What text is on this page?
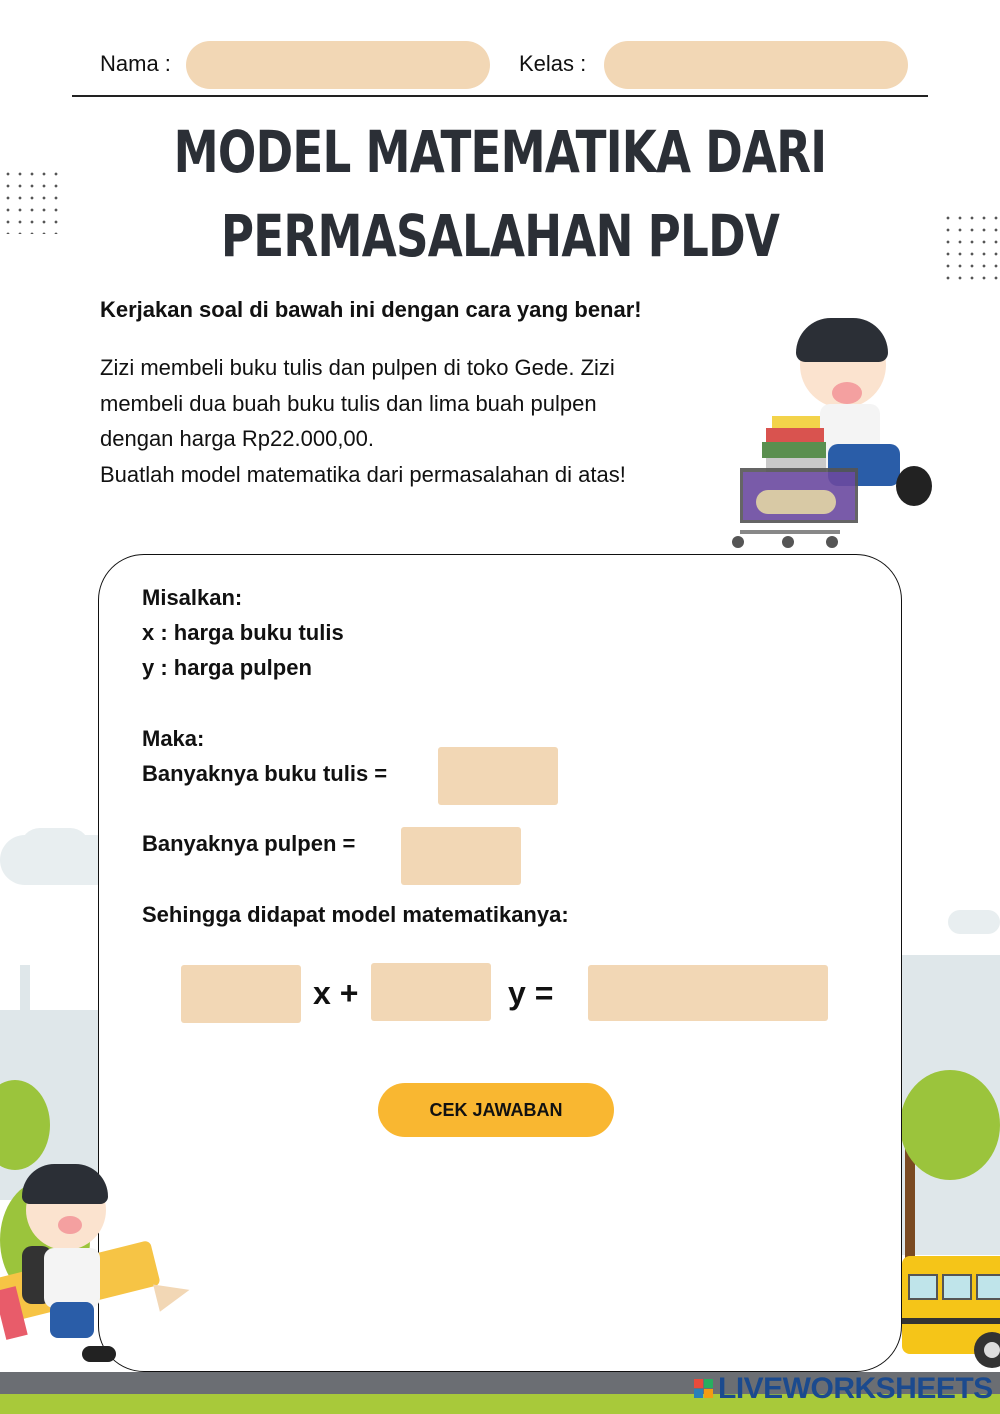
Nama :	Kelas :
MODEL MATEMATIKA DARI
PERMASALAHAN PLDV
Kerjakan soal di bawah ini dengan cara yang benar!
Zizi membeli buku tulis dan pulpen di toko Gede. Zizi
membeli dua buah buku tulis dan lima buah pulpen
dengan harga Rp22.000,00.
Buatlah model matematika dari permasalahan di atas!
Misalkan:
x : harga buku tulis
y : harga pulpen
Maka:
Banyaknya buku tulis =
Banyaknya pulpen =
Sehingga didapat model matematikanya:
x +	y =
CEK JAWABAN
LIVEWORKSHEETS
